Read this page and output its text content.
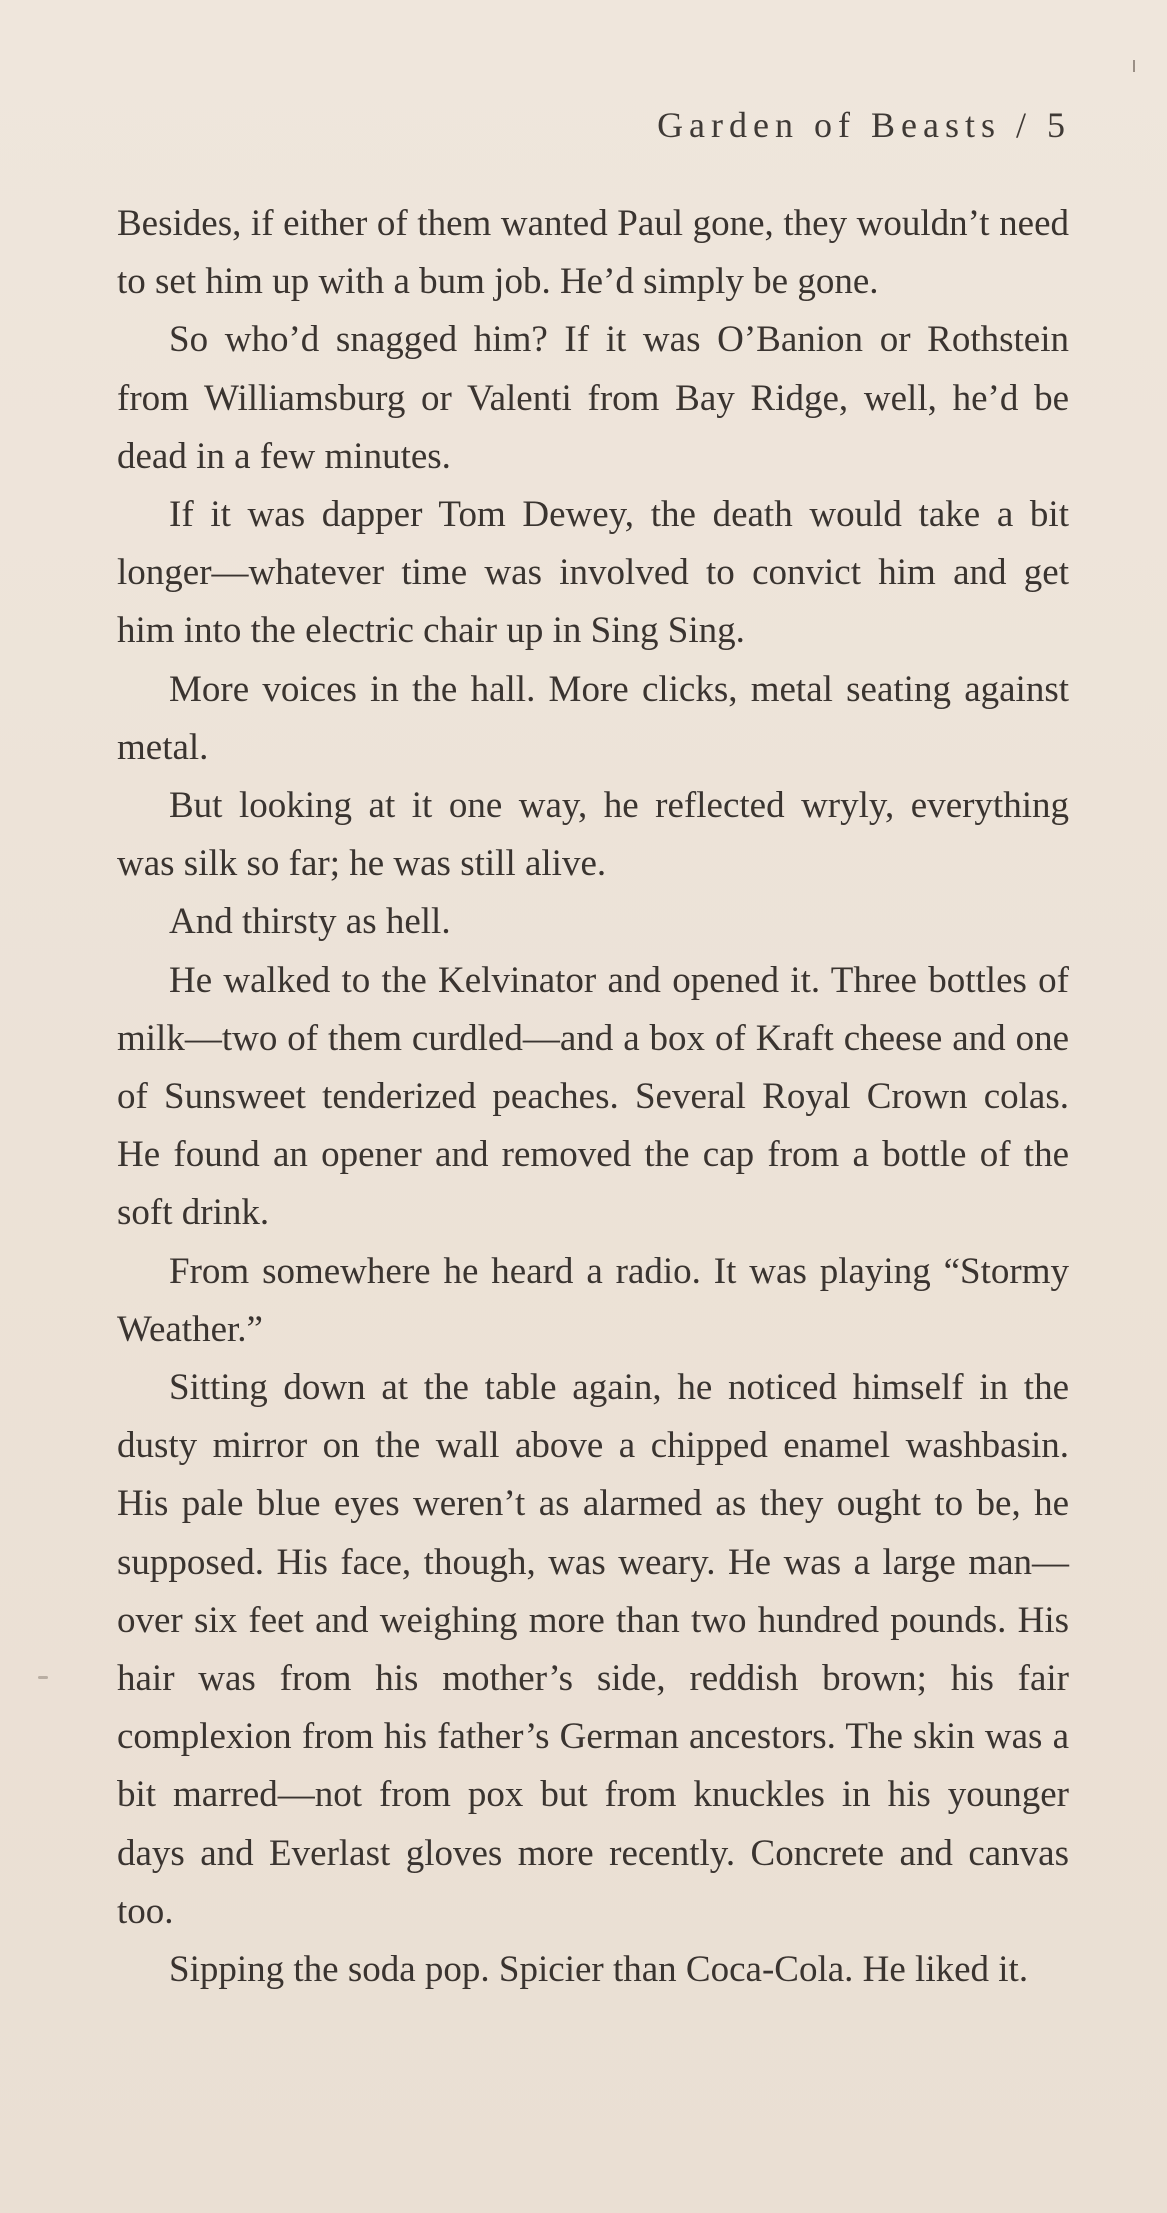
Garden of Beasts / 5

Besides, if either of them wanted Paul gone, they wouldn’t need to set him up with a bum job. He’d simply be gone.

So who’d snagged him? If it was O’Banion or Rothstein from Williamsburg or Valenti from Bay Ridge, well, he’d be dead in a few minutes.

If it was dapper Tom Dewey, the death would take a bit longer—whatever time was involved to convict him and get him into the electric chair up in Sing Sing.

More voices in the hall. More clicks, metal seating against metal.

But looking at it one way, he reflected wryly, everything was silk so far; he was still alive.

And thirsty as hell.

He walked to the Kelvinator and opened it. Three bottles of milk—two of them curdled—and a box of Kraft cheese and one of Sunsweet tenderized peaches. Several Royal Crown colas. He found an opener and removed the cap from a bottle of the soft drink.

From somewhere he heard a radio. It was playing “Stormy Weather.”

Sitting down at the table again, he noticed himself in the dusty mirror on the wall above a chipped enamel washbasin. His pale blue eyes weren’t as alarmed as they ought to be, he supposed. His face, though, was weary. He was a large man—over six feet and weighing more than two hundred pounds. His hair was from his mother’s side, reddish brown; his fair complexion from his father’s German ancestors. The skin was a bit marred—not from pox but from knuckles in his younger days and Everlast gloves more recently. Concrete and canvas too.

Sipping the soda pop. Spicier than Coca-Cola. He liked it.
